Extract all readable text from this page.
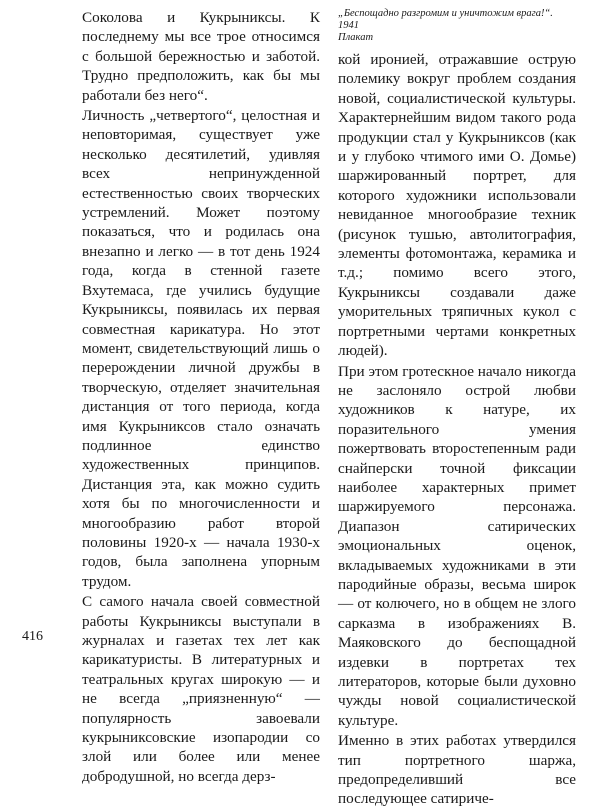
Соколова и Кукрыниксы. К последнему мы все трое относимся с большой бережностью и заботой. Трудно предположить, как бы мы работали без него“.

Личность „четвертого“, целостная и неповторимая, существует уже несколько десятилетий, удивляя всех непринужденной естественностью своих творческих устремлений. Может поэтому показаться, что и родилась она внезапно и легко — в тот день 1924 года, когда в стенной газете Вхутемаса, где учились будущие Кукрыниксы, появилась их первая совместная карикатура. Но этот момент, свидетельствующий лишь о перерождении личной дружбы в творческую, отделяет значительная дистанция от того периода, когда имя Кукрыниксов стало означать подлинное единство художественных принципов. Дистанция эта, как можно судить хотя бы по многочисленности и многообразию работ второй половины 1920-х — начала 1930-х годов, была заполнена упорным трудом.

С самого начала своей совместной работы Кукрыниксы выступали в журналах и газетах тех лет как карикатуристы. В литературных и театральных кругах широкую — и не всегда „приязненную“ — популярность завоевали кукрыниксовские изопародии со злой или более или менее добродушной, но всегда дерз-

„Беспощадно разгромим и уничтожим врага!“. 1941
Плакат

кой иронией, отражавшие острую полемику вокруг проблем создания новой, социалистической культуры. Характернейшим видом такого рода продукции стал у Кукрыниксов (как и у глубоко чтимого ими О. Домье) шаржированный портрет, для которого художники использовали невиданное многообразие техник (рисунок тушью, автолитография, элементы фотомонтажа, керамика и т.д.; помимо всего этого, Кукрыниксы создавали даже уморительных тряпичных кукол с портретными чертами конкретных людей).

При этом гротескное начало никогда не заслоняло острой любви художников к натуре, их поразительного умения пожертвовать второстепенным ради снайперски точной фиксации наиболее характерных примет шаржируемого персонажа. Диапазон сатирических эмоциональных оценок, вкладываемых художниками в эти пародийные образы, весьма широк — от колючего, но в общем не злого сарказма в изображениях В. Маяковского до беспощадной издевки в портретах тех литераторов, которые были духовно чужды новой социалистической культуре.

Именно в этих работах утвердился тип портретного шаржа, предопределивший все последующее сатириче-

416
